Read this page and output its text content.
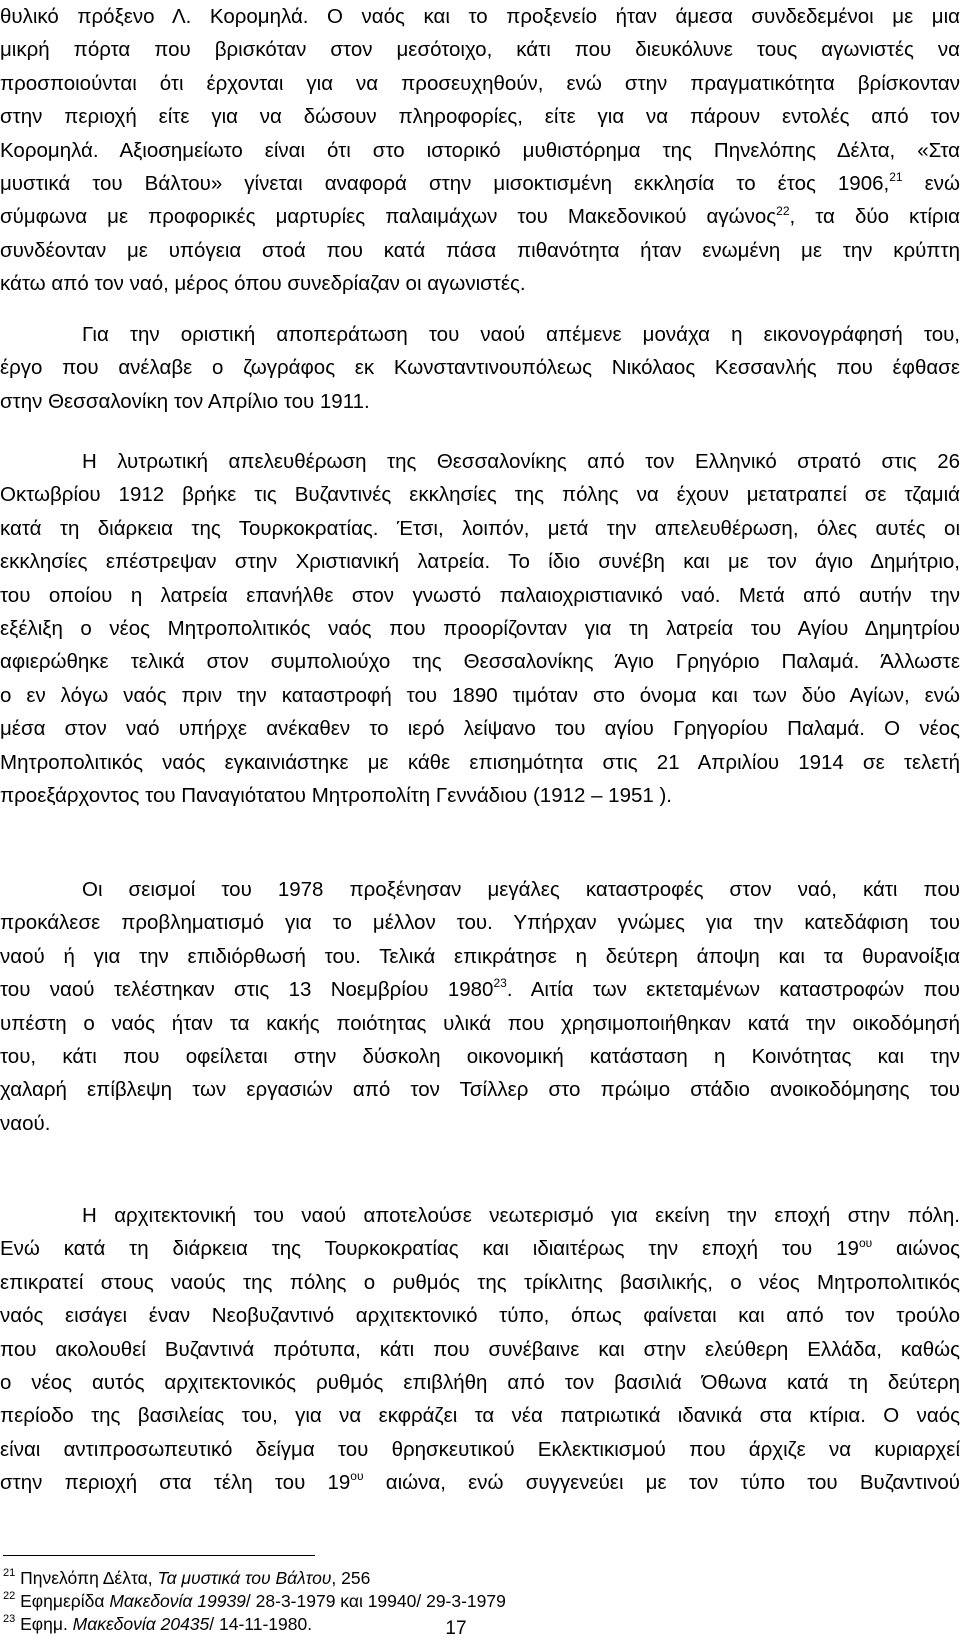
θυλικό πρόξενο Λ. Κορομηλά. Ο ναός και το προξενείο ήταν άμεσα συνδεδεμένοι με μια
μικρή πόρτα που βρισκόταν στον μεσότοιχο, κάτι που διευκόλυνε τους αγωνιστές να
προσποιούνται ότι έρχονται για να προσευχηθούν, ενώ στην πραγματικότητα βρίσκονταν
στην περιοχή είτε για να δώσουν πληροφορίες, είτε για να πάρουν εντολές από τον
Κορομηλά. Αξιοσημείωτο είναι ότι στο ιστορικό μυθιστόρημα της Πηνελόπης Δέλτα, «Στα
μυστικά του Βάλτου» γίνεται αναφορά στην μισοκτισμένη εκκλησία το έτος 1906,21 ενώ
σύμφωνα με προφορικές μαρτυρίες παλαιμάχων του Μακεδονικού αγώνος$^{22}$, τα δύο κτίρια
συνδέονταν με υπόγεια στοά που κατά πάσα πιθανότητα ήταν ενωμένη με την κρύπτη
κάτω από τον ναό, μέρος όπου συνεδρίαζαν οι αγωνιστές.
Για την οριστική αποπεράτωση του ναού απέμενε μονάχα η εικονογράφησή του,
έργο που ανέλαβε ο ζωγράφος εκ Κωνσταντινουπόλεως Νικόλαος Κεσσανλής που έφθασε
στην Θεσσαλονίκη τον Απρίλιο του 1911.
Η λυτρωτική απελευθέρωση της Θεσσαλονίκης από τον Ελληνικό στρατό στις 26
Οκτωβρίου 1912 βρήκε τις Βυζαντινές εκκλησίες της πόλης να έχουν μετατραπεί σε τζαμιά
κατά τη διάρκεια της Τουρκοκρατίας. Έτσι, λοιπόν, μετά την απελευθέρωση, όλες αυτές οι
εκκλησίες επέστρεψαν στην Χριστιανική λατρεία. Το ίδιο συνέβη και με τον άγιο Δημήτριο,
του οποίου η λατρεία επανήλθε στον γνωστό παλαιοχριστιανικό ναό. Μετά από αυτήν την
εξέλιξη ο νέος Μητροπολιτικός ναός που προορίζονταν για τη λατρεία του Αγίου Δημητρίου
αφιερώθηκε τελικά στον συμπολιούχο της Θεσσαλονίκης Άγιο Γρηγόριο Παλαμά. Άλλωστε
ο εν λόγω ναός πριν την καταστροφή του 1890 τιμόταν στο όνομα και των δύο Αγίων, ενώ
μέσα στον ναό υπήρχε ανέκαθεν το ιερό λείψανο του αγίου Γρηγορίου Παλαμά. Ο νέος
Μητροπολιτικός ναός εγκαινιάστηκε με κάθε επισημότητα στις 21 Απριλίου 1914 σε τελετή
προεξάρχοντος του Παναγιότατου Μητροπολίτη Γεννάδιου (1912 – 1951 ).
Οι σεισμοί του 1978 προξένησαν μεγάλες καταστροφές στον ναό, κάτι που
προκάλεσε προβληματισμό για το μέλλον του. Υπήρχαν γνώμες για την κατεδάφιση του
ναού ή για την επιδιόρθωσή του. Τελικά επικράτησε η δεύτερη άποψη και τα θυρανοίξια
του ναού τελέστηκαν στις 13 Νοεμβρίου 1980$^{23}$. Αιτία των εκτεταμένων καταστροφών που
υπέστη ο ναός ήταν τα κακής ποιότητας υλικά που χρησιμοποιήθηκαν κατά την οικοδόμησή
του, κάτι που οφείλεται στην δύσκολη οικονομική κατάσταση η Κοινότητας και την
χαλαρή επίβλεψη των εργασιών από τον Τσίλλερ στο πρώιμο στάδιο ανοικοδόμησης του
ναού.
Η αρχιτεκτονική του ναού αποτελούσε νεωτερισμό για εκείνη την εποχή στην πόλη.
Ενώ κατά τη διάρκεια της Τουρκοκρατίας και ιδιαιτέρως την εποχή του $19^{o\upsilon}$ αιώνος
επικρατεί στους ναούς της πόλης ο ρυθμός της τρίκλιτης βασιλικής, ο νέος Μητροπολιτικός
ναός εισάγει έναν Νεοβυζαντινό αρχιτεκτονικό τύπο, όπως φαίνεται και από τον τρούλο
που ακολουθεί Βυζαντινά πρότυπα, κάτι που συνέβαινε και στην ελεύθερη Ελλάδα, καθώς
ο νέος αυτός αρχιτεκτονικός ρυθμός επιβλήθη από τον βασιλιά Όθωνα κατά τη δεύτερη
περίοδο της βασιλείας του, για να εκφράζει τα νέα πατριωτικά ιδανικά στα κτίρια. Ο ναός
είναι αντιπροσωπευτικό δείγμα του θρησκευτικού Εκλεκτικισμού που άρχιζε να κυριαρχεί
στην περιοχή στα τέλη του $19^{o\upsilon}$ αιώνα, ενώ συγγενεύει με τον τύπο του Βυζαντινού
$^{21}$ Πηνελόπη Δέλτα, Τα μυστικά του Βάλτου, 256
$^{22}$ Εφημερίδα Μακεδονία 19939/ 28-3-1979 και 19940/ 29-3-1979
$^{23}$ Εφημ. Μακεδονία 20435/ 14-11-1980.	17
